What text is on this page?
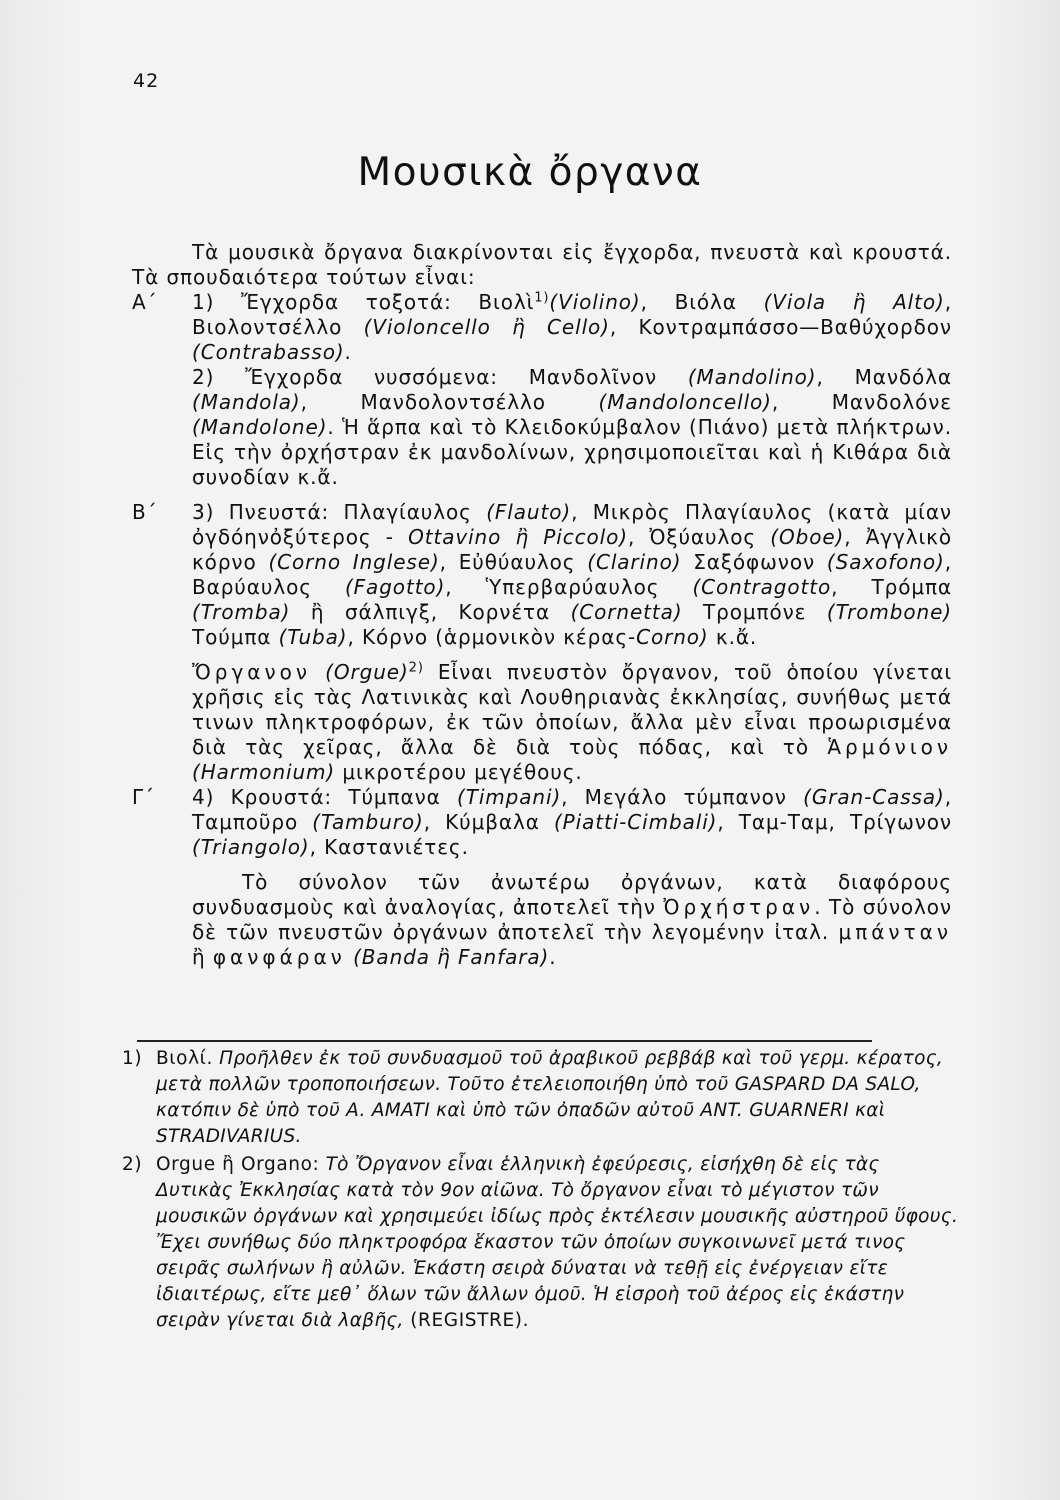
42
Μουσικὰ ὄργανα

Τὰ μουσικὰ ὄργανα διακρίνονται εἰς ἔγχορδα, πνευστὰ καὶ κρουστά. Τὰ σπουδαιότερα τούτων εἶναι:

Α΄	1) Ἔγχορδα τοξοτά: Βιολὶ$^{1)}$(Violino), Βιόλα (Viola ἢ Alto), Βιολοντσέλλο (Violoncello ἢ Cello), Κοντραμπάσσο—Βαθύχορδον (Contrabasso).

2) Ἔγχορδα νυσσόμενα: Μανδολῖνον (Mandolino), Μανδόλα (Mandola), Μανδολοντσέλλο (Mandoloncello), Μανδολόνε (Mandolone). Ἡ ἅρπα καὶ τὸ Κλειδοκύμβαλον (Πιάνο) μετὰ πλήκτρων. Εἰς τὴν ὀρχήστραν ἐκ μανδολίνων, χρησιμοποιεῖται καὶ ἡ Κιθάρα διὰ συνοδίαν κ.ἄ.

Β΄	3) Πνευστά: Πλαγίαυλος (Flauto), Μικρὸς Πλαγίαυλος (κατὰ μίαν ὀγδόηνὀξύτερος - Ottavino ἢ Piccolo), Ὀξύαυλος (Oboe), Ἀγγλικὸ κόρνο (Corno Inglese), Εὐθύαυλος (Clarino) Σαξόφωνον (Saxofono), Βαρύαυλος (Fagotto), Ὑπερβαρύαυλος (Contragotto, Τρόμπα (Tromba) ἢ σάλπιγξ, Κορνέτα (Cornetta) Τρομπόνε (Trombone) Τούμπα (Tuba), Κόρνο (ἁρμονικὸν κέρας-Corno) κ.ἄ.

Ὄργανον (Orgue)$^{2)}$ Εἶναι πνευστὸν ὄργανον, τοῦ ὁποίου γίνεται χρῆσις εἰς τὰς Λατινικὰς καὶ Λουθηριανὰς ἐκκλησίας, συνήθως μετά τινων πληκτροφόρων, ἐκ τῶν ὁποίων, ἄλλα μὲν εἶναι προωρισμένα διὰ τὰς χεῖρας, ἄλλα δὲ διὰ τοὺς πόδας, καὶ τὸ Ἁρμόνιον (Harmonium) μικροτέρου μεγέθους.

Γ΄	4) Κρουστά: Τύμπανα (Timpani), Μεγάλο τύμπανον (Gran-Cassa), Ταμποῦρο (Tamburo), Κύμβαλα (Piatti-Cimbali), Ταμ-Ταμ, Τρίγωνον (Triangolo), Καστανιέτες.

Τὸ σύνολον τῶν ἀνωτέρω ὀργάνων, κατὰ διαφόρους συνδυασμοὺς καὶ ἀναλογίας, ἀποτελεῖ τὴν Ὀρχήστραν. Τὸ σύνολον δὲ τῶν πνευστῶν ὀργάνων ἀποτελεῖ τὴν λεγομένην ἰταλ. μπάνταν ἢ φανφάραν (Banda ἢ Fanfara).

1) Βιολί. Προῆλθεν ἐκ τοῦ συνδυασμοῦ τοῦ ἀραβικοῦ ρεββάβ καὶ τοῦ γερμ. κέρατος, μετὰ πολλῶν τροποποιήσεων. Τοῦτο ἐτελειοποιήθη ὑπὸ τοῦ GASPARD DA SALO, κατόπιν δὲ ὑπὸ τοῦ A. AMATI καὶ ὑπὸ τῶν ὀπαδῶν αὐτοῦ ANT. GUARNERI καὶ STRADIVARIUS.
2) Orgue ἢ Organo: Τὸ Ὄργανον εἶναι ἑλληνικὴ ἐφεύρεσις, εἰσήχθη δὲ εἰς τὰς Δυτικὰς Ἐκκλησίας κατὰ τὸν 9ον αἰῶνα. Τὸ ὄργανον εἶναι τὸ μέγιστον τῶν μουσικῶν ὀργάνων καὶ χρησιμεύει ἰδίως πρὸς ἐκτέλεσιν μουσικῆς αὐστηροῦ ὕφους. Ἔχει συνήθως δύο πληκτροφόρα ἕκαστον τῶν ὁποίων συγκοινωνεῖ μετά τινος σειρᾶς σωλήνων ἢ αὐλῶν. Ἑκάστη σειρὰ δύναται νὰ τεθῇ εἰς ἐνέργειαν εἴτε ἰδιαιτέρως, εἴτε μεθ᾽ ὅλων τῶν ἄλλων ὁμοῦ. Ἡ εἰσροὴ τοῦ ἀέρος εἰς ἑκάστην σειρὰν γίνεται διὰ λαβῆς, (REGISTRE).
